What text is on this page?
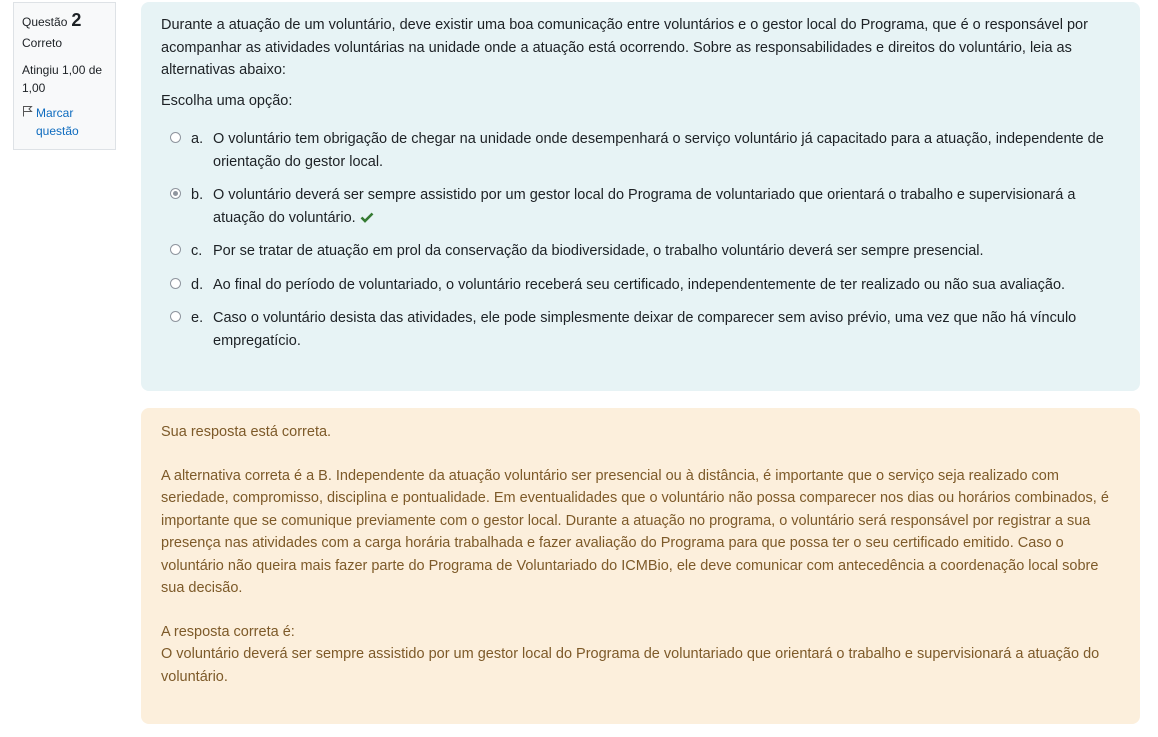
Questão 2
Correto
Atingiu 1,00 de 1,00
Marcar questão

Durante a atuação de um voluntário, deve existir uma boa comunicação entre voluntários e o gestor local do Programa, que é o responsável por acompanhar as atividades voluntárias na unidade onde a atuação está ocorrendo. Sobre as responsabilidades e direitos do voluntário, leia as alternativas abaixo:

Escolha uma opção:
a. O voluntário tem obrigação de chegar na unidade onde desempenhará o serviço voluntário já capacitado para a atuação, independente de orientação do gestor local.
b. O voluntário deverá ser sempre assistido por um gestor local do Programa de voluntariado que orientará o trabalho e supervisionará a atuação do voluntário.
c. Por se tratar de atuação em prol da conservação da biodiversidade, o trabalho voluntário deverá ser sempre presencial.
d. Ao final do período de voluntariado, o voluntário receberá seu certificado, independentemente de ter realizado ou não sua avaliação.
e. Caso o voluntário desista das atividades, ele pode simplesmente deixar de comparecer sem aviso prévio, uma vez que não há vínculo empregatício.

Sua resposta está correta.

A alternativa correta é a B. Independente da atuação voluntário ser presencial ou à distância, é importante que o serviço seja realizado com seriedade, compromisso, disciplina e pontualidade. Em eventualidades que o voluntário não possa comparecer nos dias ou horários combinados, é importante que se comunique previamente com o gestor local. Durante a atuação no programa, o voluntário será responsável por registrar a sua presença nas atividades com a carga horária trabalhada e fazer avaliação do Programa para que possa ter o seu certificado emitido. Caso o voluntário não queira mais fazer parte do Programa de Voluntariado do ICMBio, ele deve comunicar com antecedência a coordenação local sobre sua decisão.

A resposta correta é:

O voluntário deverá ser sempre assistido por um gestor local do Programa de voluntariado que orientará o trabalho e supervisionará a atuação do voluntário.
